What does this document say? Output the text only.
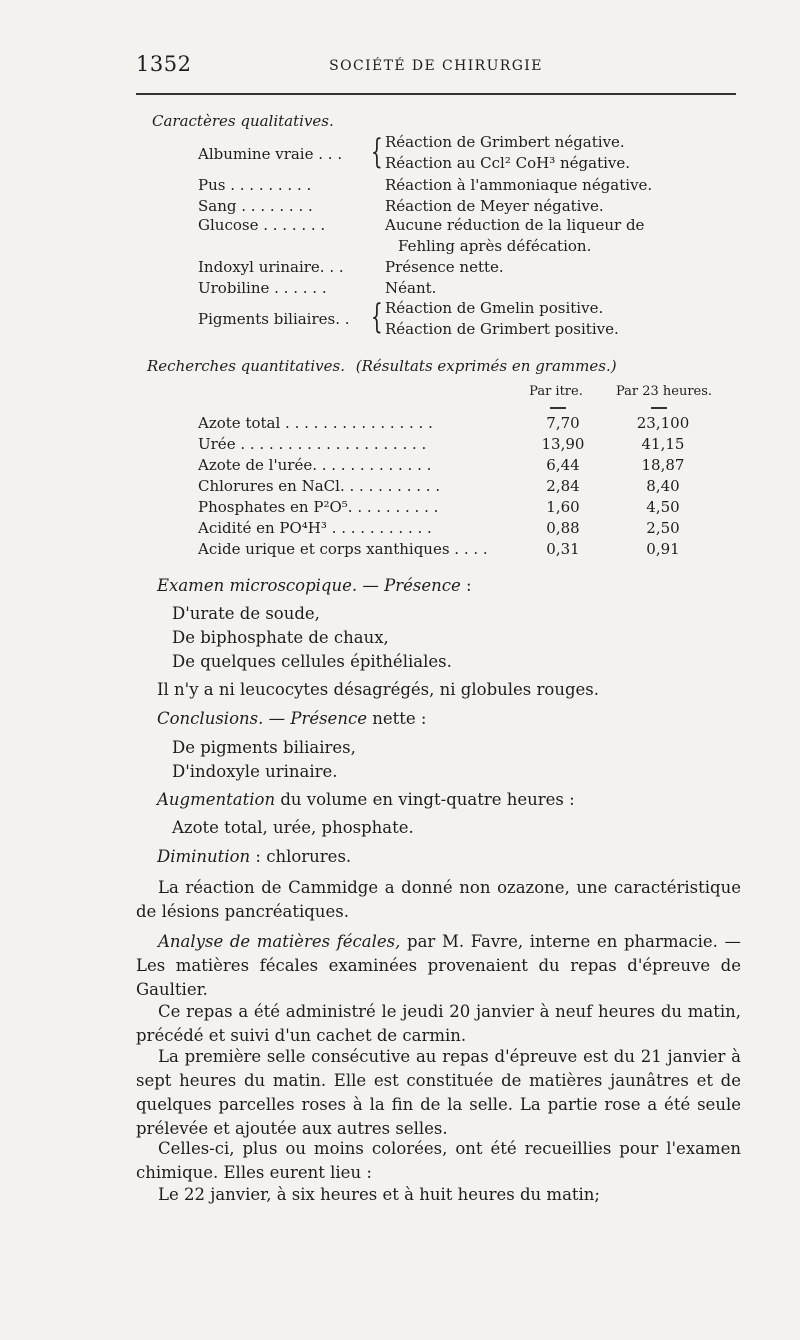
1352	SOCIÉTÉ DE CHIRURGIE
Caractères qualitatives.
Albumine vraie . . . { Réaction de Grimbert négative.
Réaction au Ccl² CoH³ négative.
Pus . . . . . . . . .	Réaction à l'ammoniaque négative.
Sang . . . . . . . .	Réaction de Meyer négative.
Glucose . . . . . . .	Aucune réduction de la liqueur de
Fehling après défécation.
Indoxyl urinaire. . .	Présence nette.
Urobiline . . . . . .	Néant.
Pigments biliaires. . { Réaction de Gmelin positive.
Réaction de Grimbert positive.
Recherches quantitatives. (Résultats exprimés en grammes.)
Par itre.	Par 23 heures.
Azote total . . . . . . . . . . . . . . . .	7,70	23,100
Urée . . . . . . . . . . . . . . . . . . . .	13,90	41,15
Azote de l'urée. . . . . . . . . . . . .	6,44	18,87
Chlorures en NaCl. . . . . . . . . . .	2,84	8,40
Phosphates en P²O⁵. . . . . . . . . .	1,60	4,50
Acidité en PO⁴H³ . . . . . . . . . . .	0,88	2,50
Acide urique et corps xanthiques . . . .	0,31	0,91
Examen microscopique. — Présence :
D'urate de soude,
De biphosphate de chaux,
De quelques cellules épithéliales.
Il n'y a ni leucocytes désagrégés, ni globules rouges.
Conclusions. — Présence nette :
De pigments biliaires,
D'indoxyle urinaire.
Augmentation du volume en vingt-quatre heures :
Azote total, urée, phosphate.
Diminution : chlorures.
La réaction de Cammidge a donné non ozazone, une caractéristique de lésions pancréatiques.
Analyse de matières fécales, par M. Favre, interne en pharmacie. — Les matières fécales examinées provenaient du repas d'épreuve de Gaultier.
Ce repas a été administré le jeudi 20 janvier à neuf heures du matin, précédé et suivi d'un cachet de carmin.
La première selle consécutive au repas d'épreuve est du 21 janvier à sept heures du matin. Elle est constituée de matières jaunâtres et de quelques parcelles roses à la fin de la selle. La partie rose a été seule prélevée et ajoutée aux autres selles.
Celles-ci, plus ou moins colorées, ont été recueillies pour l'examen chimique. Elles eurent lieu :
Le 22 janvier, à six heures et à huit heures du matin;
